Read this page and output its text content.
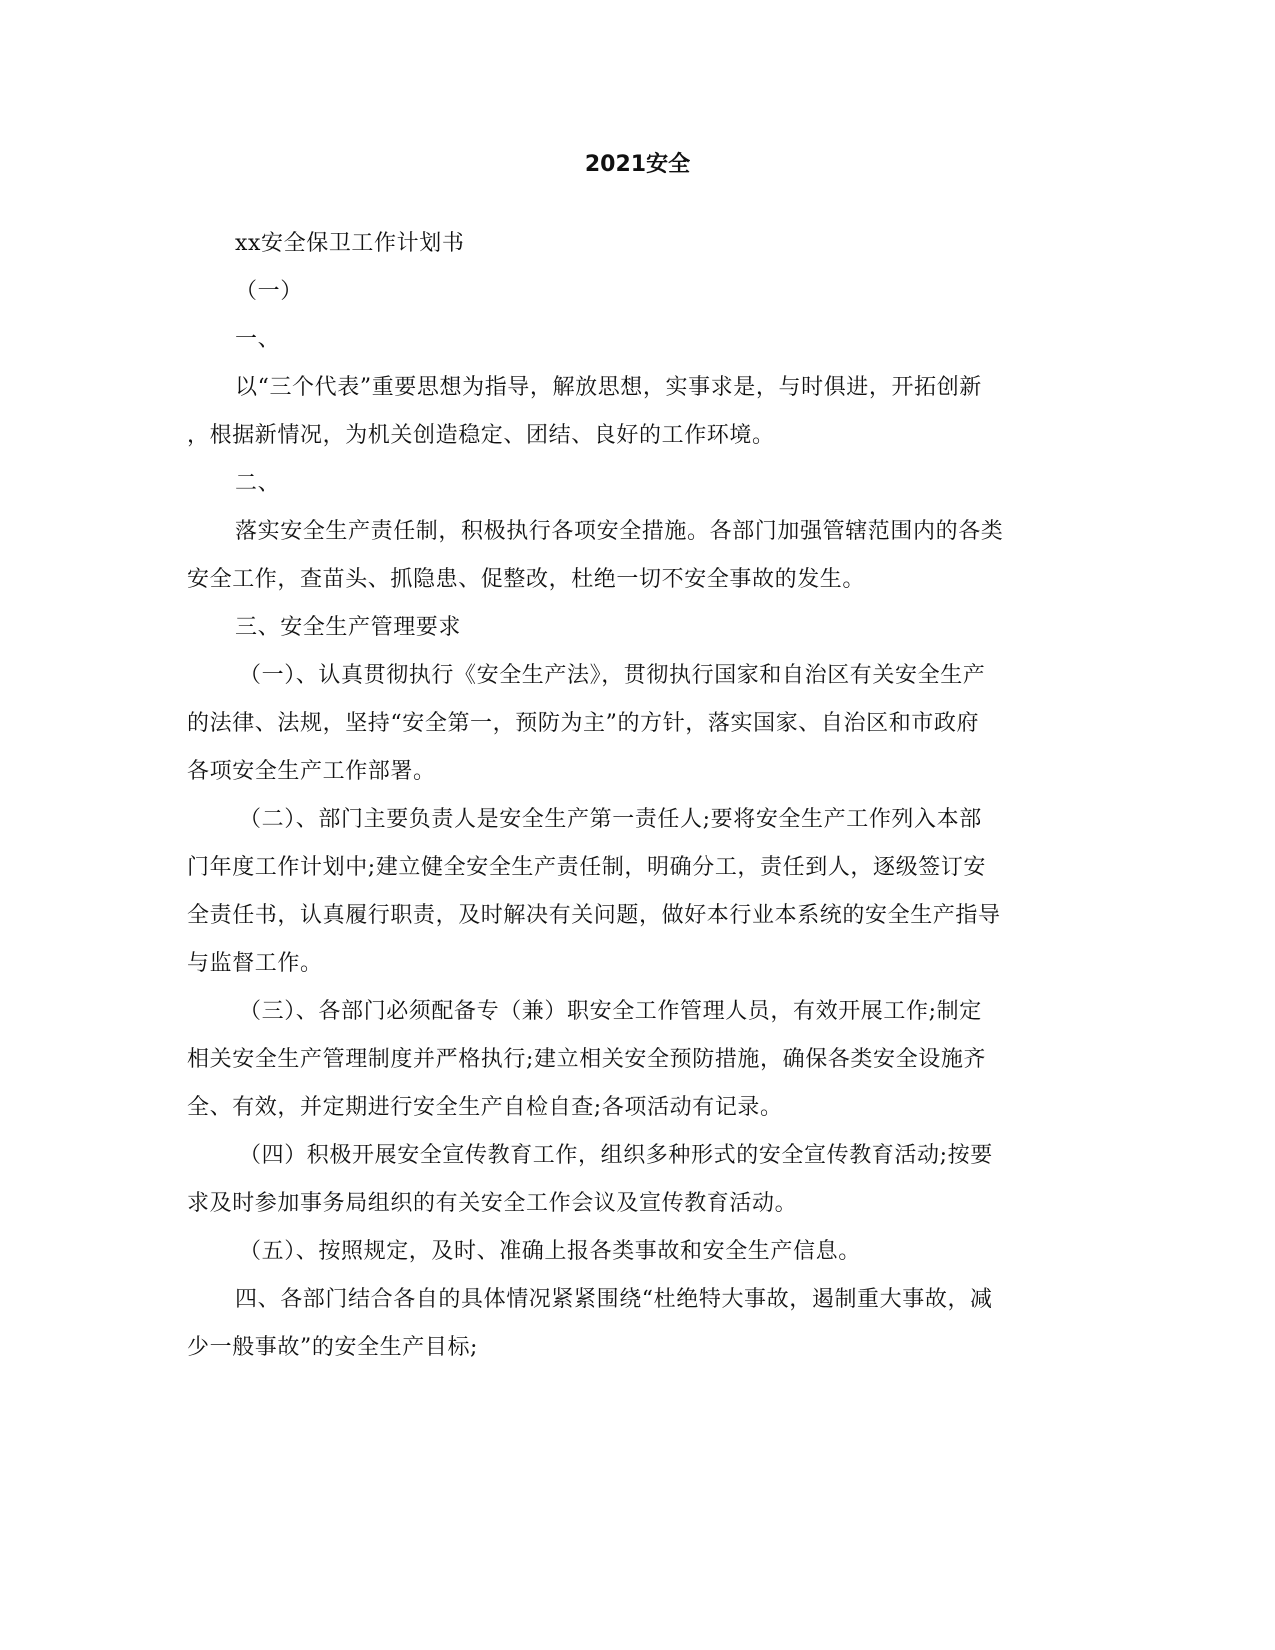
2021安全
xx安全保卫工作计划书
（一）
一、
以“三个代表”重要思想为指导，解放思想，实事求是，与时俱进，开拓创新
，根据新情况，为机关创造稳定、团结、良好的工作环境。
二、
落实安全生产责任制，积极执行各项安全措施。各部门加强管辖范围内的各类
安全工作，查苗头、抓隐患、促整改，杜绝一切不安全事故的发生。
三、安全生产管理要求
（一）、认真贯彻执行《安全生产法》，贯彻执行国家和自治区有关安全生产
的法律、法规，坚持“安全第一，预防为主”的方针，落实国家、自治区和市政府
各项安全生产工作部署。
（二）、部门主要负责人是安全生产第一责任人;要将安全生产工作列入本部
门年度工作计划中;建立健全安全生产责任制，明确分工，责任到人，逐级签订安
全责任书，认真履行职责，及时解决有关问题，做好本行业本系统的安全生产指导
与监督工作。
（三）、各部门必须配备专（兼）职安全工作管理人员，有效开展工作;制定
相关安全生产管理制度并严格执行;建立相关安全预防措施，确保各类安全设施齐
全、有效，并定期进行安全生产自检自查;各项活动有记录。
（四）积极开展安全宣传教育工作，组织多种形式的安全宣传教育活动;按要
求及时参加事务局组织的有关安全工作会议及宣传教育活动。
（五）、按照规定，及时、准确上报各类事故和安全生产信息。
四、各部门结合各自的具体情况紧紧围绕“杜绝特大事故，遏制重大事故，减
少一般事故”的安全生产目标;
